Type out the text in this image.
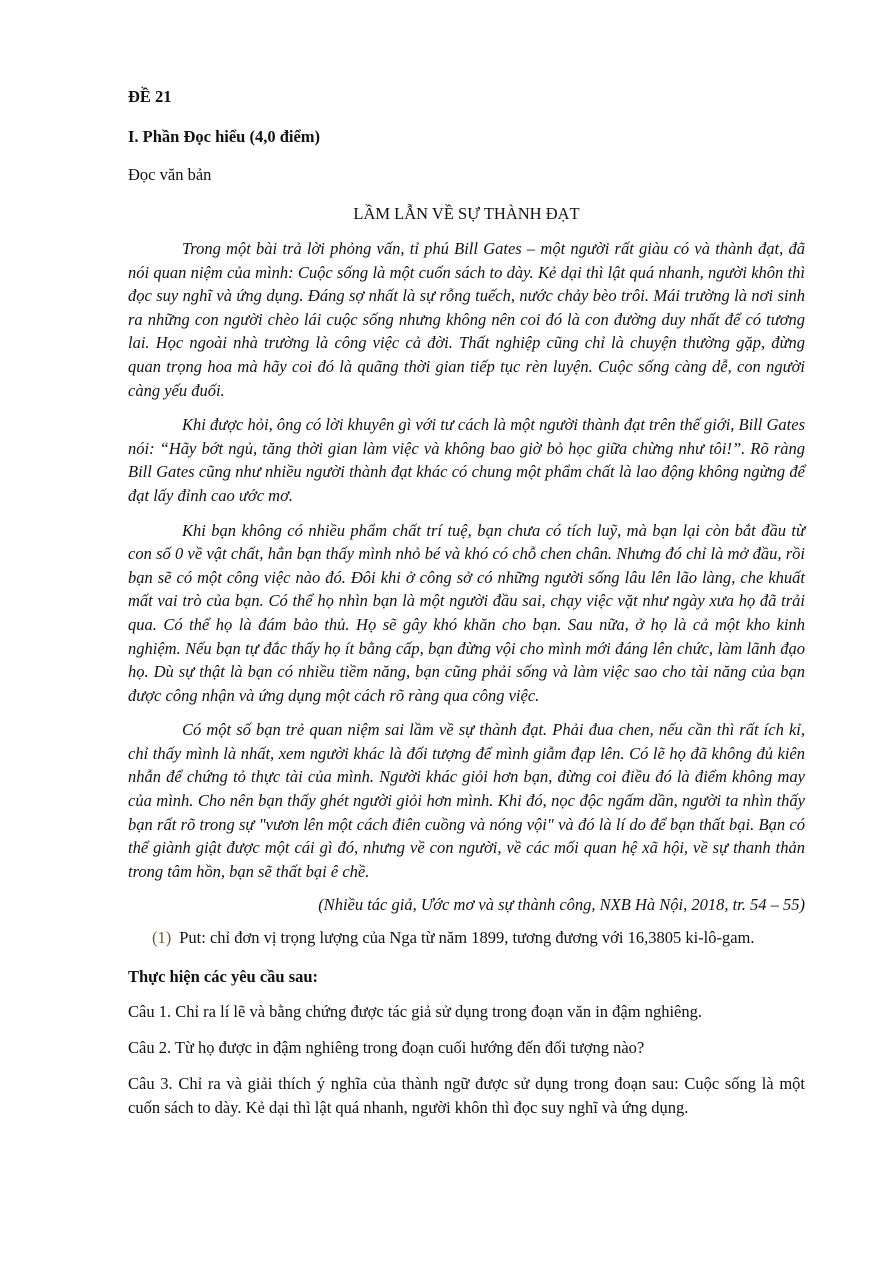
ĐỀ 21

I. Phần Đọc hiểu (4,0 điểm)

Đọc văn bản

LẦM LẪN VỀ SỰ THÀNH ĐẠT

Trong một bài trả lời phỏng vấn, tỉ phú Bill Gates – một người rất giàu có và thành đạt, đã nói quan niệm của mình: Cuộc sống là một cuốn sách to dày. Kẻ dại thì lật quá nhanh, người khôn thì đọc suy nghĩ và ứng dụng. Đáng sợ nhất là sự rỗng tuếch, nước chảy bèo trôi. Mái trường là nơi sinh ra những con người chèo lái cuộc sống nhưng không nên coi đó là con đường duy nhất để có tương lai. Học ngoài nhà trường là công việc cả đời. Thất nghiệp cũng chỉ là chuyện thường gặp, đừng quan trọng hoa mà hãy coi đó là quãng thời gian tiếp tục rèn luyện. Cuộc sống càng dễ, con người càng yếu đuối.

Khi được hỏi, ông có lời khuyên gì với tư cách là một người thành đạt trên thế giới, Bill Gates nói: “Hãy bớt ngủ, tăng thời gian làm việc và không bao giờ bỏ học giữa chừng như tôi!”. Rõ ràng Bill Gates cũng như nhiều người thành đạt khác có chung một phẩm chất là lao động không ngừng để đạt lấy đỉnh cao ước mơ.

Khi bạn không có nhiều phẩm chất trí tuệ, bạn chưa có tích luỹ, mà bạn lại còn bắt đầu từ con số 0 về vật chất, hẳn bạn thấy mình nhỏ bé và khó có chỗ chen chân. Nhưng đó chỉ là mở đầu, rồi bạn sẽ có một công việc nào đó. Đôi khi ở công sở có những người sống lâu lên lão làng, che khuất mất vai trò của bạn. Có thể họ nhìn bạn là một người đầu sai, chạy việc vặt như ngày xưa họ đã trải qua. Có thể họ là đám bảo thủ. Họ sẽ gây khó khăn cho bạn. Sau nữa, ở họ là cả một kho kinh nghiệm. Nếu bạn tự đắc thấy họ ít bằng cấp, bạn đừng vội cho mình mới đáng lên chức, làm lãnh đạo họ. Dù sự thật là bạn có nhiều tiềm năng, bạn cũng phải sống và làm việc sao cho tài năng của bạn được công nhận và ứng dụng một cách rõ ràng qua công việc.

Có một số bạn trẻ quan niệm sai lầm về sự thành đạt. Phải đua chen, nếu cần thì rất ích kỉ, chỉ thấy mình là nhất, xem người khác là đối tượng để mình giẫm đạp lên. Có lẽ họ đã không đủ kiên nhẫn để chứng tỏ thực tài của mình. Người khác giỏi hơn bạn, đừng coi điều đó là điểm không may của mình. Cho nên bạn thấy ghét người giỏi hơn mình. Khi đó, nọc độc ngấm dần, người ta nhìn thấy bạn rất rõ trong sự "vươn lên một cách điên cuồng và nóng vội" và đó là lí do để bạn thất bại. Bạn có thể giành giật được một cái gì đó, nhưng về con người, về các mối quan hệ xã hội, về sự thanh thản trong tâm hồn, bạn sẽ thất bại ê chề.

(Nhiều tác giả, Ước mơ và sự thành công, NXB Hà Nội, 2018, tr. 54 – 55)

(1) Put: chỉ đơn vị trọng lượng của Nga từ năm 1899, tương đương với 16,3805 ki-lô-gam.

Thực hiện các yêu cầu sau:

Câu 1. Chỉ ra lí lẽ và bằng chứng được tác giả sử dụng trong đoạn văn in đậm nghiêng.

Câu 2. Từ họ được in đậm nghiêng trong đoạn cuối hướng đến đối tượng nào?

Câu 3. Chỉ ra và giải thích ý nghĩa của thành ngữ được sử dụng trong đoạn sau: Cuộc sống là một cuốn sách to dày. Kẻ dại thì lật quá nhanh, người khôn thì đọc suy nghĩ và ứng dụng.
